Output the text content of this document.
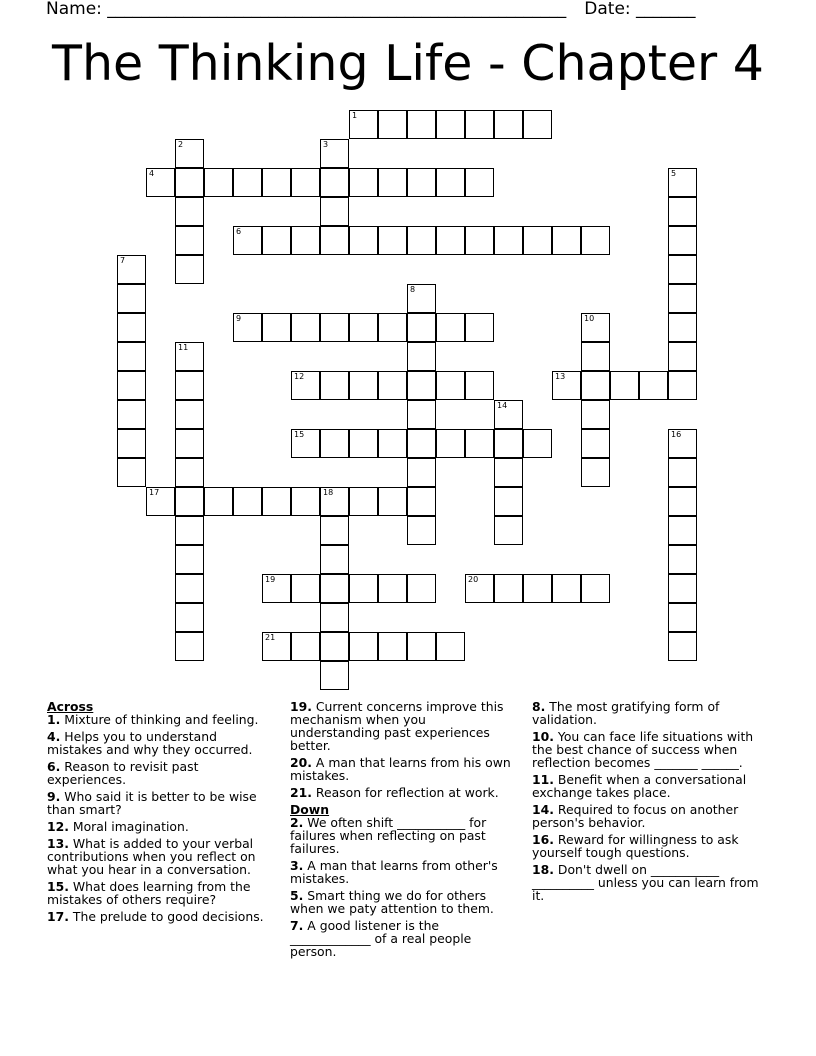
Name: ______________________________________________________ Date: _______
The Thinking Life - Chapter 4
1
2	3
4	5
6
7
8
9	10
11
12	13
14
15	16
17	18
19	20
21
Across
1. Mixture of thinking and feeling.
4. Helps you to understand mistakes and why they occurred.
6. Reason to revisit past experiences.
9. Who said it is better to be wise than smart?
12. Moral imagination.
13. What is added to your verbal contributions when you reflect on what you hear in a conversation.
15. What does learning from the mistakes of others require?
17. The prelude to good decisions.
19. Current concerns improve this mechanism when you understanding past experiences better.
20. A man that learns from his own mistakes.
21. Reason for reflection at work.
Down
2. We often shift ___________ for failures when reflecting on past failures.
3. A man that learns from other's mistakes.
5. Smart thing we do for others when we paty attention to them.
7. A good listener is the _____________ of a real people person.
8. The most gratifying form of validation.
10. You can face life situations with the best chance of success when reflection becomes _______ ______.
11. Benefit when a conversational exchange takes place.
14. Required to focus on another person's behavior.
16. Reward for willingness to ask yourself tough questions.
18. Don't dwell on ___________ __________ unless you can learn from it.
